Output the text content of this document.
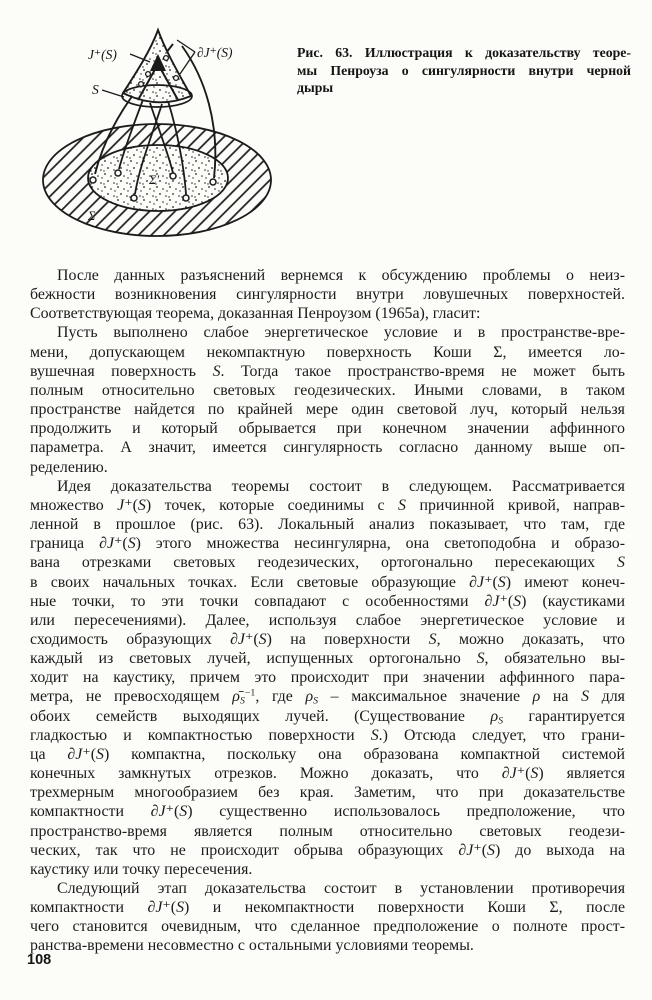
J⁺(S)	∂J⁺(S)
S
Σ′
Σ
Рис. 63. Иллюстрация к доказательству теоре-
мы Пенроуза о сингулярности внутри черной
дыры
После данных разъяснений вернемся к обсуждению проблемы о неиз-
бежности возникновения сингулярности внутри ловушечных поверхностей.
Соответствующая теорема, доказанная Пенроузом (1965а), гласит:
Пусть выполнено слабое энергетическое условие и в пространстве-вре-
мени, допускающем некомпактную поверхность Коши Σ, имеется ло-
вушечная поверхность S. Тогда такое пространство-время не может быть
полным относительно световых геодезических. Иными словами, в таком
пространстве найдется по крайней мере один световой луч, который нельзя
продолжить и который обрывается при конечном значении аффинного
параметра. А значит, имеется сингулярность согласно данному выше оп-
ределению.
Идея доказательства теоремы состоит в следующем. Рассматривается
множество J⁺(S) точек, которые соединимы с S причинной кривой, направ-
ленной в прошлое (рис. 63). Локальный анализ показывает, что там, где
граница ∂J⁺(S) этого множества несингулярна, она светоподобна и образо-
вана отрезками световых геодезических, ортогонально пересекающих S
в своих начальных точках. Если световые образующие ∂J⁺(S) имеют конеч-
ные точки, то эти точки совпадают с особенностями ∂J⁺(S) (каустиками
или пересечениями). Далее, используя слабое энергетическое условие и
сходимость образующих ∂J⁺(S) на поверхности S, можно доказать, что
каждый из световых лучей, испущенных ортогонально S, обязательно вы-
ходит на каустику, причем это происходит при значении аффинного пара-
метра, не превосходящем $\rhō_S^{-1}$, где $\rho_S$ – максимальное значение ρ на S для
обоих семейств выходящих лучей. (Существование $\rho_S$ гарантируется
гладкостью и компактностью поверхности S.) Отсюда следует, что грани-
ца ∂J⁺(S) компактна, поскольку она образована компактной системой
конечных замкнутых отрезков. Можно доказать, что ∂J⁺(S) является
трехмерным многообразием без края. Заметим, что при доказательстве
компактности ∂J⁺(S) существенно использовалось предположение, что
пространство-время является полным относительно световых геодези-
ческих, так что не происходит обрыва образующих ∂J⁺(S) до выхода на
каустику или точку пересечения.
Следующий этап доказательства состоит в установлении противоречия
компактности ∂J⁺(S) и некомпактности поверхности Коши Σ, после
чего становится очевидным, что сделанное предположение о полноте прост-
ранства-времени несовместно с остальными условиями теоремы.
108
